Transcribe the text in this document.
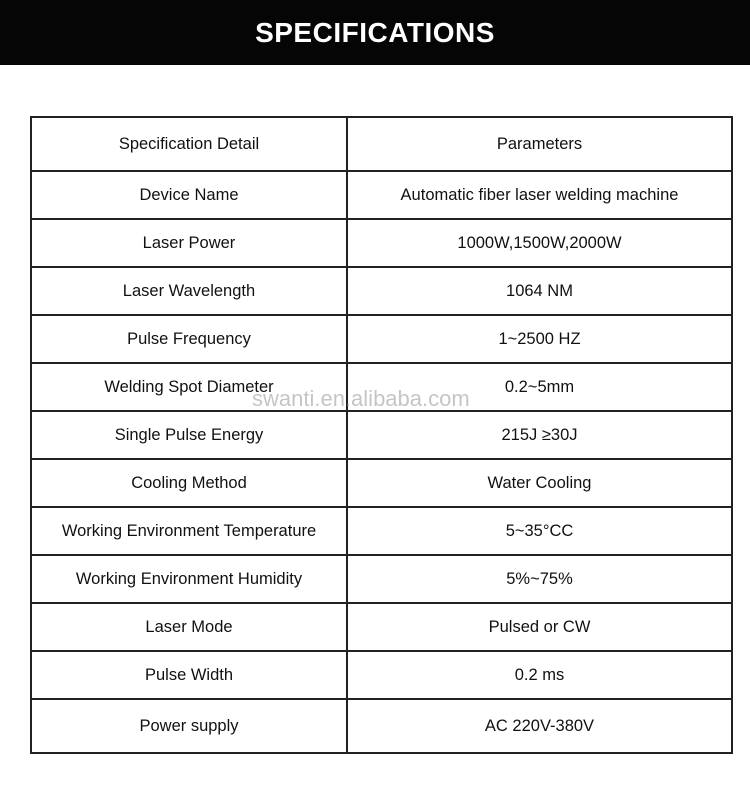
SPECIFICATIONS
Specification Detail	Parameters
Device Name	Automatic fiber laser welding machine
Laser Power	1000W,1500W,2000W
Laser Wavelength	1064 NM
Pulse Frequency	1~2500 HZ
Welding Spot Diameter	0.2~5mm
Single Pulse Energy	215J ≥30J
Cooling Method	Water Cooling
Working Environment Temperature	5~35°CC
Working Environment Humidity	5%~75%
Laser Mode	Pulsed or CW
Pulse Width	0.2 ms
Power supply	AC 220V-380V
swanti.en.alibaba.com
